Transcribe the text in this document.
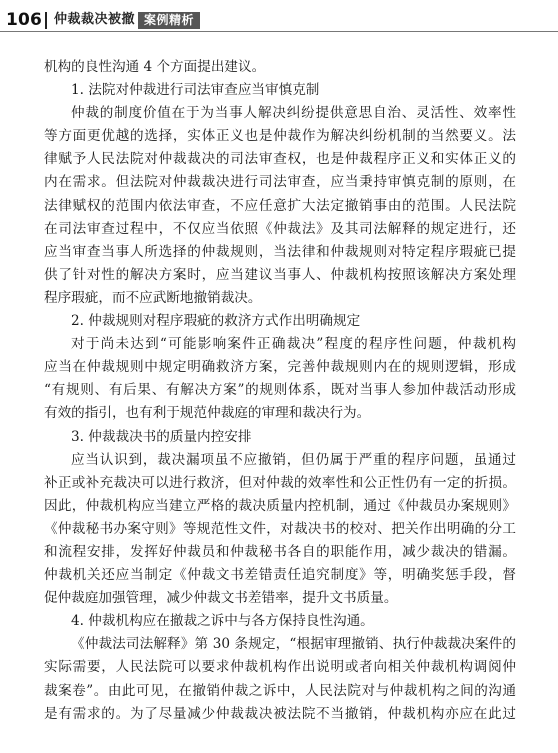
106 仲裁裁决被撤 案例精析
机构的良性沟通 4 个方面提出建议。
1. 法院对仲裁进行司法审查应当审慎克制
仲裁的制度价值在于为当事人解决纠纷提供意思自治、灵活性、效率性
等方面更优越的选择，实体正义也是仲裁作为解决纠纷机制的当然要义。法
律赋予人民法院对仲裁裁决的司法审查权，也是仲裁程序正义和实体正义的
内在需求。但法院对仲裁裁决进行司法审查，应当秉持审慎克制的原则，在
法律赋权的范围内依法审查，不应任意扩大法定撤销事由的范围。人民法院
在司法审查过程中，不仅应当依照《仲裁法》及其司法解释的规定进行，还
应当审查当事人所选择的仲裁规则，当法律和仲裁规则对特定程序瑕疵已提
供了针对性的解决方案时，应当建议当事人、仲裁机构按照该解决方案处理
程序瑕疵，而不应武断地撤销裁决。
2. 仲裁规则对程序瑕疵的救济方式作出明确规定
对于尚未达到“可能影响案件正确裁决”程度的程序性问题，仲裁机构
应当在仲裁规则中规定明确救济方案，完善仲裁规则内在的规则逻辑，形成
“有规则、有后果、有解决方案”的规则体系，既对当事人参加仲裁活动形成
有效的指引，也有利于规范仲裁庭的审理和裁决行为。
3. 仲裁裁决书的质量内控安排
应当认识到，裁决漏项虽不应撤销，但仍属于严重的程序问题，虽通过
补正或补充裁决可以进行救济，但对仲裁的效率性和公正性仍有一定的折损。
因此，仲裁机构应当建立严格的裁决质量内控机制，通过《仲裁员办案规则》
《仲裁秘书办案守则》等规范性文件，对裁决书的校对、把关作出明确的分工
和流程安排，发挥好仲裁员和仲裁秘书各自的职能作用，减少裁决的错漏。
仲裁机关还应当制定《仲裁文书差错责任追究制度》等，明确奖惩手段，督
促仲裁庭加强管理，减少仲裁文书差错率，提升文书质量。
4. 仲裁机构应在撤裁之诉中与各方保持良性沟通。
《仲裁法司法解释》第 30 条规定，“根据审理撤销、执行仲裁裁决案件的
实际需要，人民法院可以要求仲裁机构作出说明或者向相关仲裁机构调阅仲
裁案卷”。由此可见，在撤销仲裁之诉中，人民法院对与仲裁机构之间的沟通
是有需求的。为了尽量减少仲裁裁决被法院不当撤销，仲裁机构亦应在此过
